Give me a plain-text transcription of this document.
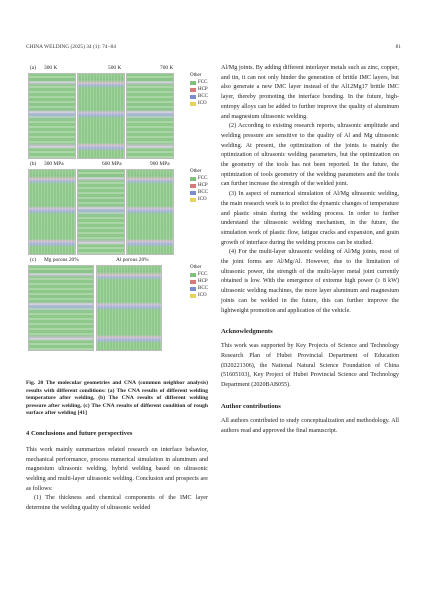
CHINA WELDING (2025) 34 (1): 74−84	81
(a) 300 K	500 K	700 K
Other
FCC
HCP
BCC
ICO
(b) 300 MPa	600 MPa	900 MPa
Other
FCC
HCP
BCC
ICO
(c) Mg porous 20%	Al porous 20%
Other
FCC
HCP
BCC
ICO

Fig. 20 The molecular geometries and CNA (common neighbor analysis) results with different conditions: (a) The CNA results of different welding temperature after welding, (b) The CNA results of different welding pressure after welding, (c) The CNA results of different condition of rough surface after welding [41]

4 Conclusions and future perspectives

This work mainly summarizes related research on interface behavior, mechanical performance, process numerical simulation in aluminum and magnesium ultrasonic welding, hybrid welding based on ultrasonic welding and multi-layer ultrasonic welding. Conclusion and prospects are as follows:

(1) The thickness and chemical components of the IMC layer determine the welding quality of ultrasonic welded

Al/Mg joints. By adding different interlayer metals such as zinc, copper, and tin, it can not only hinder the generation of brittle IMC layers, but also generate a new IMC layer instead of the Al12Mg17 brittle IMC layer, thereby promoting the interface bonding. In the future, high-entropy alloys can be added to further improve the quality of aluminum and magnesium ultrasonic welding.

(2) According to existing research reports, ultrasonic amplitude and welding pressure are sensitive to the quality of Al and Mg ultrasonic welding. At present, the optimization of the joints is mainly the optimization of ultrasonic welding parameters, but the optimization on the geometry of the tools has not been reported. In the future, the optimization of tools geometry of the welding parameters and the tools can further increase the strength of the welded joint.

(3) In aspect of numerical simulation of Al/Mg ultrasonic welding, the main research work is to predict the dynamic changes of temperature and plastic strain during the welding process. In order to further understand the ultrasonic welding mechanism, in the future, the simulation work of plastic flow, fatigue cracks and expansion, and grain growth of interface during the welding process can be studied.

(4) For the multi-layer ultrasonic welding of Al/Mg joints, most of the joint forms are Al/Mg/Al. However, due to the limitation of ultrasonic power, the strength of the multi-layer metal joint currently obtained is low. With the emergence of extreme high power (≥ 8 kW) ultrasonic welding machines, the more layer aluminum and magnesium joints can be welded in the future, this can further improve the lightweight promotion and application of the vehicle.

Acknowledgments

This work was supported by Key Projects of Science and Technology Research Plan of Hubei Provincial Department of Education (D20221306), the National Natural Science Foundation of China (51605103), Key Project of Hubei Provincial Science and Technology Department (2020BAB055).

Author contributions

All authors contributed to study conceptualization and methodology. All authors read and approved the final manuscript.
